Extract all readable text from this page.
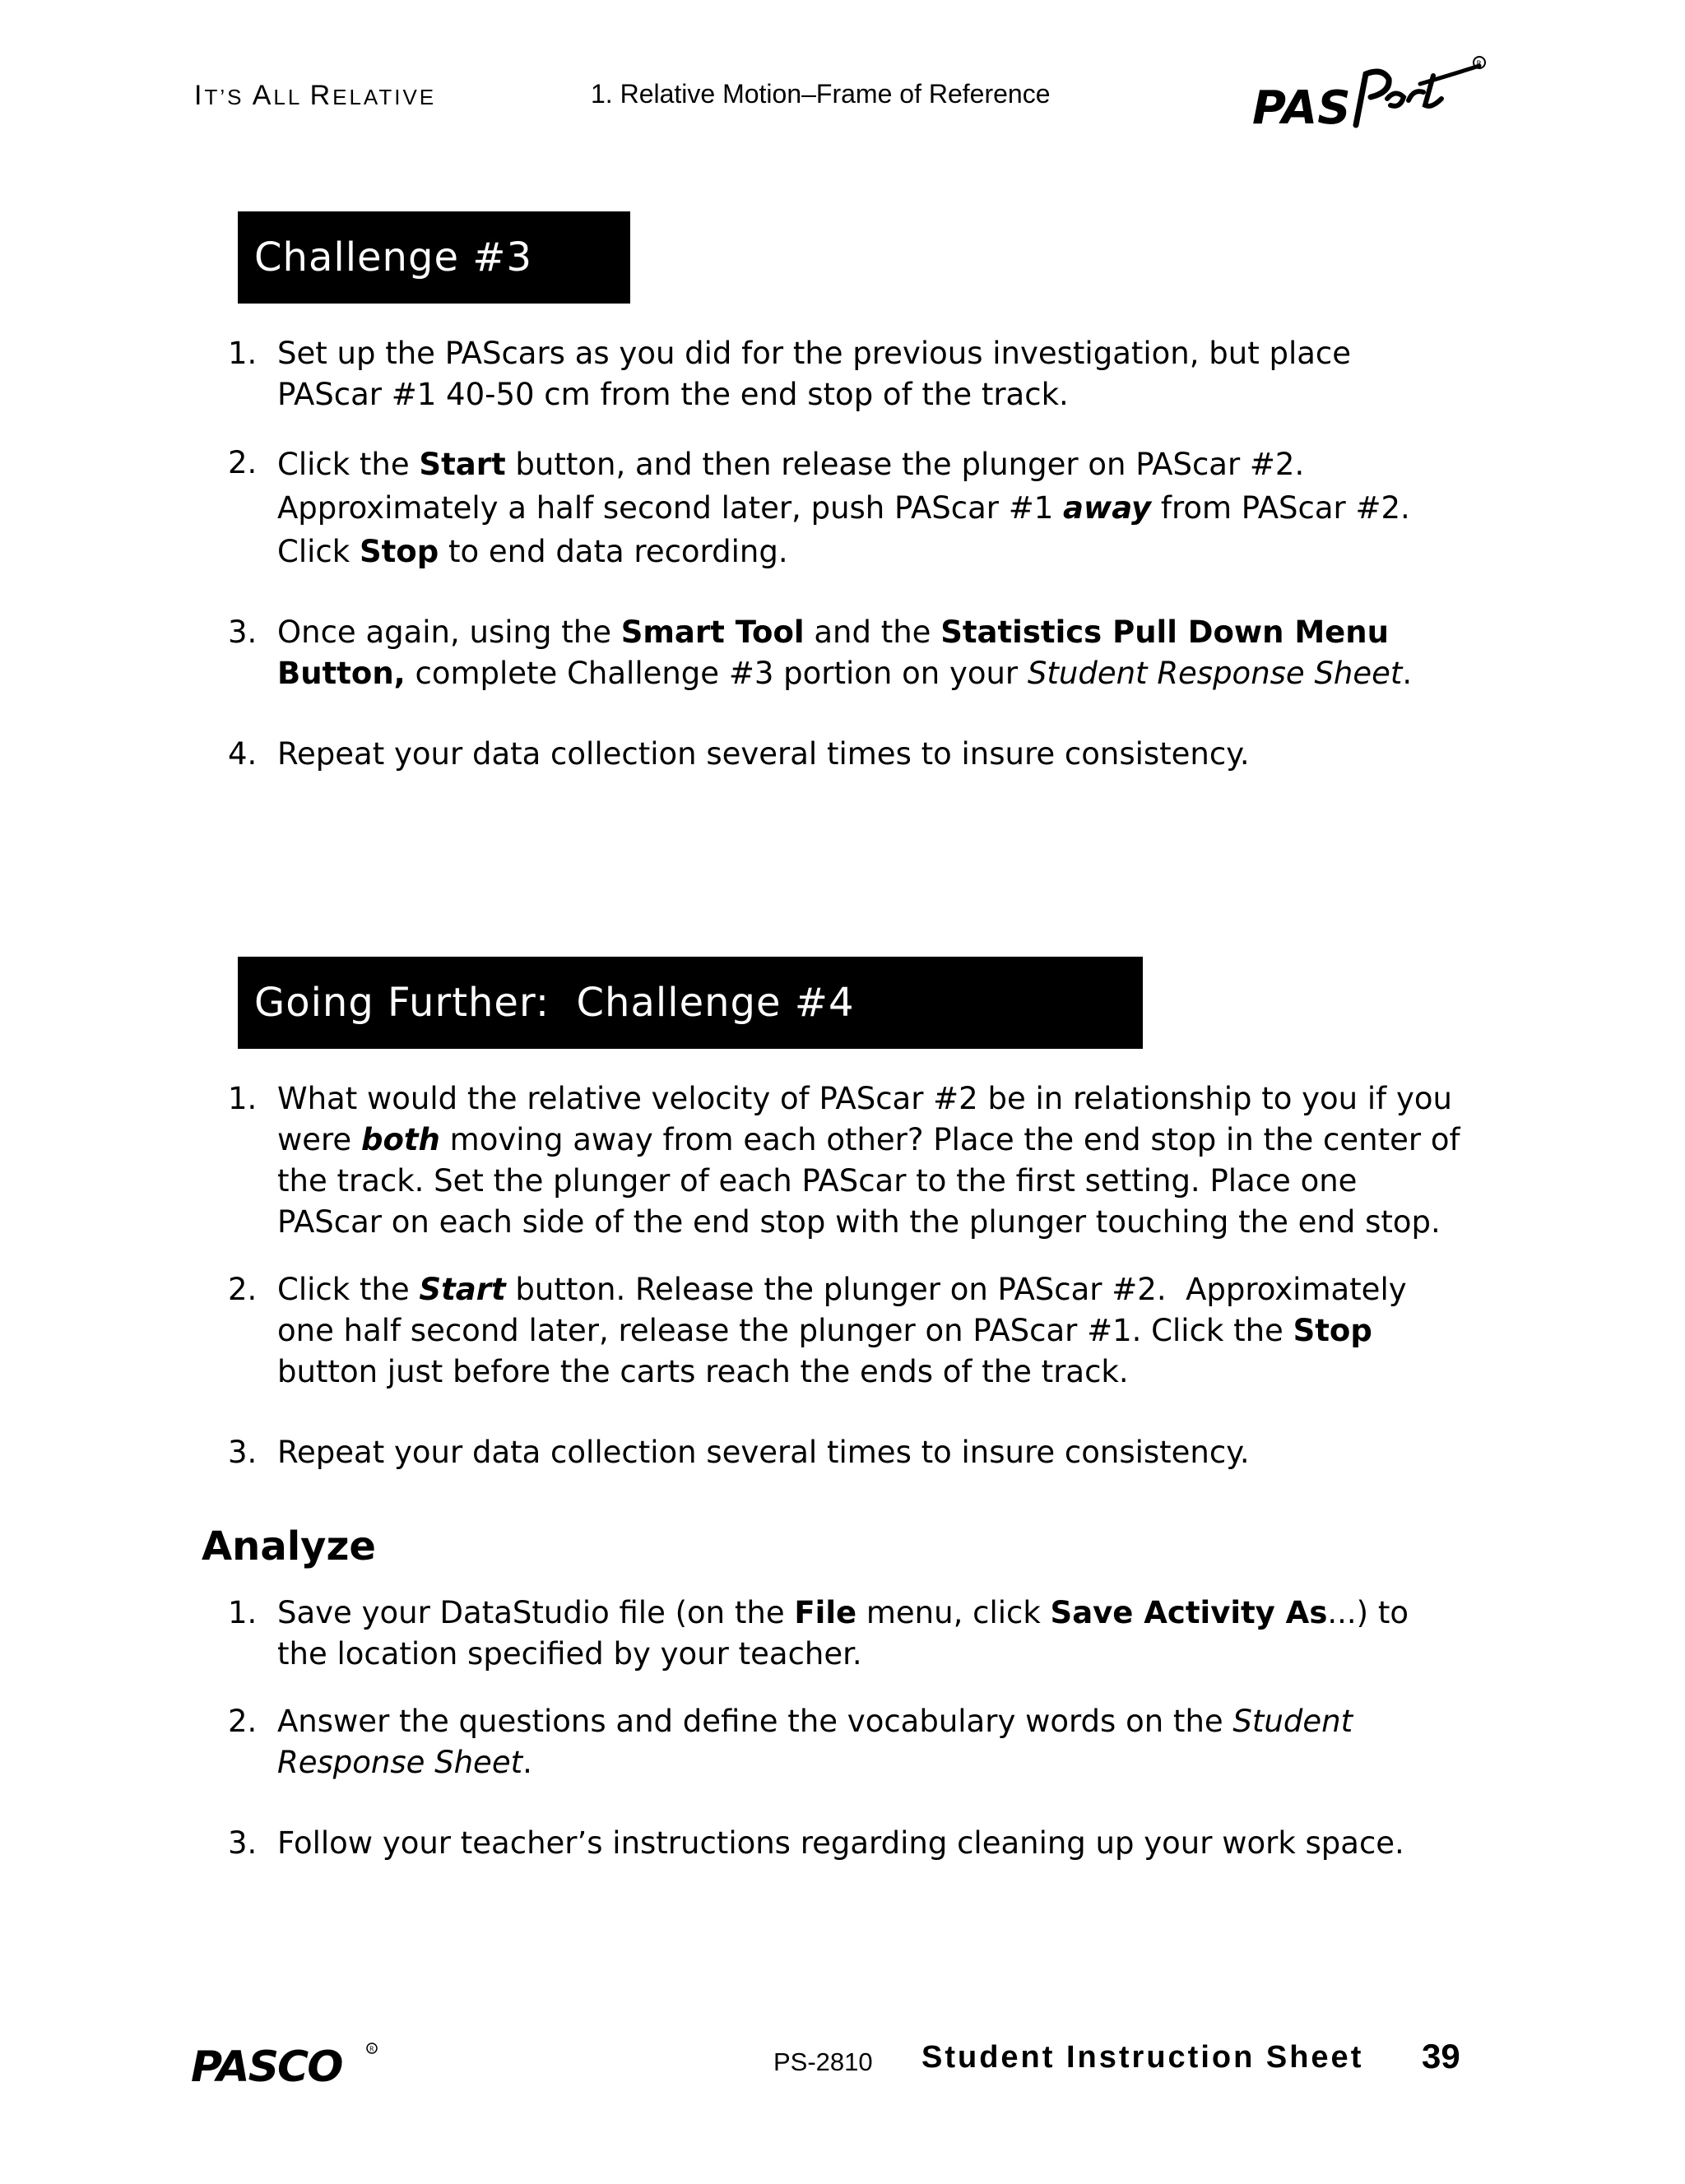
IT’S ALL RELATIVE	1. Relative Motion–Frame of Reference	PAS
R
Challenge #3
1. Set up the PAScars as you did for the previous investigation, but place PAScar #1 40-50 cm from the end stop of the track.
2. Click the Start button, and then release the plunger on PAScar #2. Approximately a half second later, push PAScar #1 away from PAScar #2. Click Stop to end data recording.
3. Once again, using the Smart Tool and the Statistics Pull Down Menu Button, complete Challenge #3 portion on your Student Response Sheet.
4. Repeat your data collection several times to insure consistency.
Going Further:  Challenge #4
1. What would the relative velocity of PAScar #2 be in relationship to you if you were both moving away from each other? Place the end stop in the center of the track. Set the plunger of each PAScar to the first setting. Place one PAScar on each side of the end stop with the plunger touching the end stop.
2. Click the Start button. Release the plunger on PAScar #2.  Approximately one half second later, release the plunger on PAScar #1. Click the Stop button just before the carts reach the ends of the track.
3. Repeat your data collection several times to insure consistency.
Analyze
1. Save your DataStudio file (on the File menu, click Save Activity As...) to the location specified by your teacher.
2. Answer the questions and define the vocabulary words on the Student Response Sheet.
3. Follow your teacher’s instructions regarding cleaning up your work space.
PASCO	R	PS-2810 Student Instruction Sheet 39
